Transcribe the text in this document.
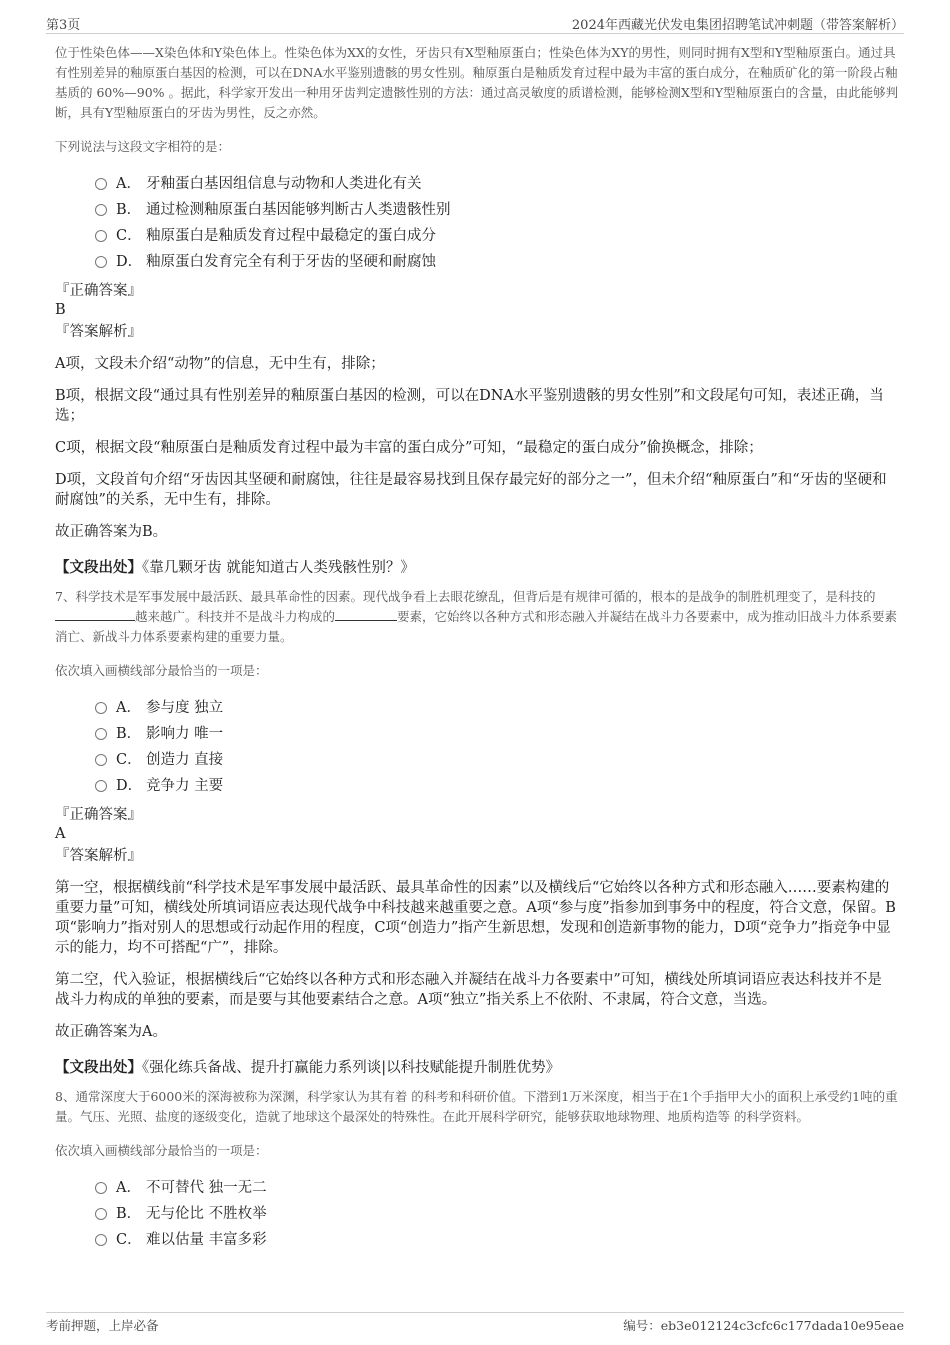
第3页	2024年西藏光伏发电集团招聘笔试冲刺题（带答案解析）
位于性染色体——X染色体和Y染色体上。性染色体为XX的女性，牙齿只有X型釉原蛋白；性染色体为XY的男性，则同时拥有X型和Y型釉原蛋白。通过具有性别差异的釉原蛋白基因的检测，可以在DNA水平鉴别遗骸的男女性别。釉原蛋白是釉质发育过程中最为丰富的蛋白成分，在釉质矿化的第一阶段占釉基质的 60%—90% 。据此，科学家开发出一种用牙齿判定遗骸性别的方法：通过高灵敏度的质谱检测，能够检测X型和Y型釉原蛋白的含量，由此能够判断，具有Y型釉原蛋白的牙齿为男性，反之亦然。
下列说法与这段文字相符的是：
A． 牙釉蛋白基因组信息与动物和人类进化有关
B． 通过检测釉原蛋白基因能够判断古人类遗骸性别
C． 釉原蛋白是釉质发育过程中最稳定的蛋白成分
D． 釉原蛋白发育完全有利于牙齿的坚硬和耐腐蚀
『正确答案』
B
『答案解析』
A项，文段未介绍“动物”的信息，无中生有，排除；
B项，根据文段“通过具有性别差异的釉原蛋白基因的检测，可以在DNA水平鉴别遗骸的男女性别”和文段尾句可知，表述正确，当选；
C项，根据文段“釉原蛋白是釉质发育过程中最为丰富的蛋白成分”可知，“最稳定的蛋白成分”偷换概念，排除；
D项，文段首句介绍“牙齿因其坚硬和耐腐蚀，往往是最容易找到且保存最完好的部分之一”，但未介绍“釉原蛋白”和“牙齿的坚硬和耐腐蚀”的关系，无中生有，排除。
故正确答案为B。
【文段出处】《靠几颗牙齿 就能知道古人类残骸性别？》
7、科学技术是军事发展中最活跃、最具革命性的因素。现代战争看上去眼花缭乱，但背后是有规律可循的，根本的是战争的制胜机理变了，是科技的越来越广。科技并不是战斗力构成的	要素，它始终以各种方式和形态融入并凝结在战斗力各要素中，成为推动旧战斗力体系要素消亡、新战斗力体系要素构建的重要力量。
依次填入画横线部分最恰当的一项是：
A． 参与度 独立
B． 影响力 唯一
C． 创造力 直接
D． 竞争力 主要
『正确答案』
A
『答案解析』
第一空，根据横线前“科学技术是军事发展中最活跃、最具革命性的因素”以及横线后“它始终以各种方式和形态融入……要素构建的重要力量”可知，横线处所填词语应表达现代战争中科技越来越重要之意。A项“参与度”指参加到事务中的程度，符合文意，保留。B项“影响力”指对别人的思想或行动起作用的程度，C项“创造力”指产生新思想，发现和创造新事物的能力，D项“竞争力”指竞争中显示的能力，均不可搭配“广”，排除。
第二空，代入验证，根据横线后“它始终以各种方式和形态融入并凝结在战斗力各要素中”可知，横线处所填词语应表达科技并不是战斗力构成的单独的要素，而是要与其他要素结合之意。A项“独立”指关系上不依附、不隶属，符合文意，当选。
故正确答案为A。
【文段出处】《强化练兵备战、提升打赢能力系列谈|以科技赋能提升制胜优势》
8、通常深度大于6000米的深海被称为深渊，科学家认为其有着 的科考和科研价值。下潜到1万米深度，相当于在1个手指甲大小的面积上承受约1吨的重量。气压、光照、盐度的逐级变化，造就了地球这个最深处的特殊性。在此开展科学研究，能够获取地球物理、地质构造等 的科学资料。
依次填入画横线部分最恰当的一项是：
A． 不可替代 独一无二
B． 无与伦比 不胜枚举
C． 难以估量 丰富多彩
考前押题，上岸必备	编号：eb3e012124c3cfc6c177dada10e95eae
